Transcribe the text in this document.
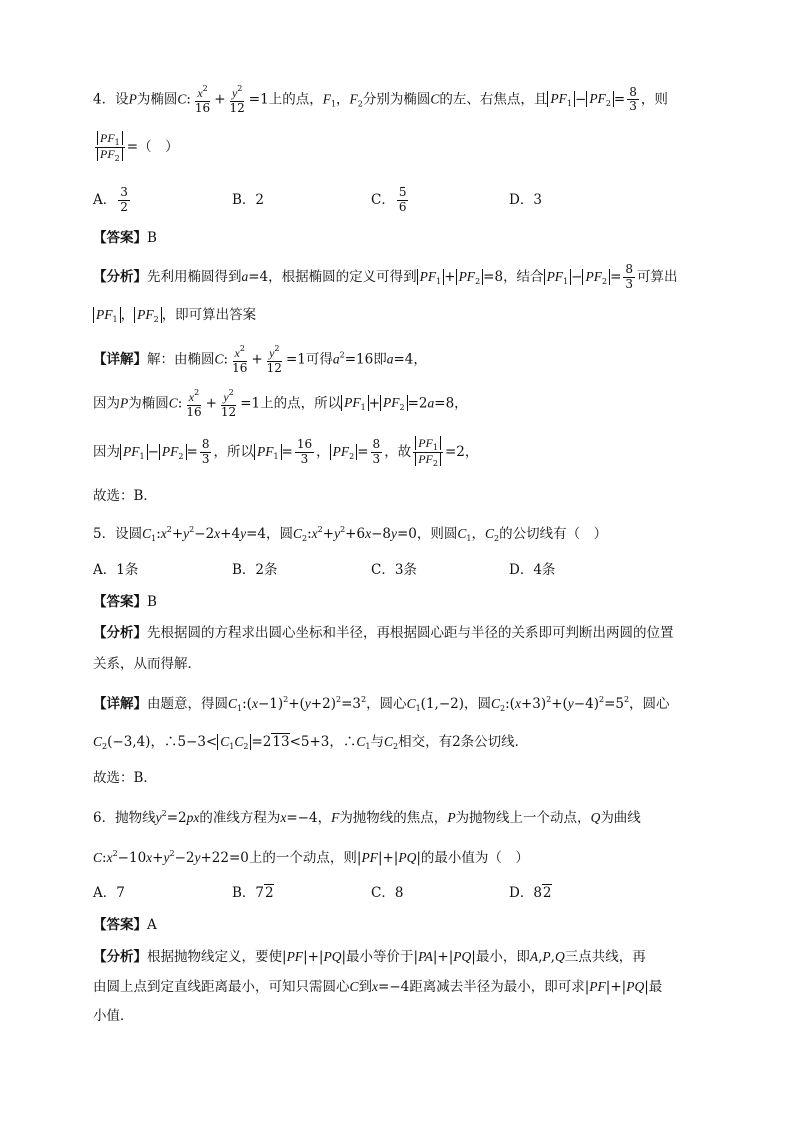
4．设P为椭圆C: $\frac{x^2}{16} + \frac{y^2}{12} =1$上的点，$F_1$，$F_2$分别为椭圆C的左、右焦点，且 $PF_1 - PF_2 = \frac{8}{3}$ ，则
$\frac{PF_1}{PF_2}$ =（　）
A． $\frac{3}{2}$	B．2	C． $\frac{5}{6}$	D．3
【答案】B
【分析】先利用椭圆得到a=4，根据椭圆的定义可得到 $PF_1 + PF_2 =8$，结合 $PF_1 - PF_2 = \frac{8}{3}$ 可算出
$PF_1$ ， $PF_2$ ，即可算出答案
【详解】解：由椭圆C: $\frac{x^2}{16} + \frac{y^2}{12} =1$可得$a^2=16$即a=4，
因为P为椭圆C: $\frac{x^2}{16} + \frac{y^2}{12} =1$上的点，所以 $PF_1 + PF_2 =2a=8$，
因为 $PF_1 - PF_2 = \frac{8}{3}$ ，所以 $PF_1 = \frac{16}{3}$ ， $PF_2 = \frac{8}{3}$ ，故 $\frac{PF_1}{PF_2} =2$，
故选：B．
5．设圆$C_1:x^2+y^2-2x+4y=4$，圆$C_2:x^2+y^2+6x-8y=0$，则圆$C_1$，$C_2$的公切线有（　）
A．1条	B．2条	C．3条	D．4条
【答案】B
【分析】先根据圆的方程求出圆心坐标和半径，再根据圆心距与半径的关系即可判断出两圆的位置
关系，从而得解．
【详解】由题意，得圆$C_1:(x-1)^2+(y+2)^2=3^2$，圆心$C_1(1,-2)$，圆$C_2:(x+3)^2+(y-4)^2=5^2$，圆心
$C_2(-3,4)$，∴5−3< $C_1C_2 =213<5+3$，$\therefore C_1$与$C_2$相交，有2条公切线．
故选：B．
6．抛物线$y^2=2px$的准线方程为x=−4，F为抛物线的焦点，P为抛物线上一个动点，Q为曲线
$C:x^2-10x+y^2-2y+22=0$上的一个动点，则|PF|+|PQ|的最小值为（　）
A．7	B．72	C．8	D．82
【答案】A
【分析】根据抛物线定义，要使|PF|+|PQ|最小等价于|PA|+|PQ|最小，即A,P,Q三点共线，再
由圆上点到定直线距离最小，可知只需圆心C到x=−4距离减去半径为最小，即可求|PF|+|PQ|最
小值．
